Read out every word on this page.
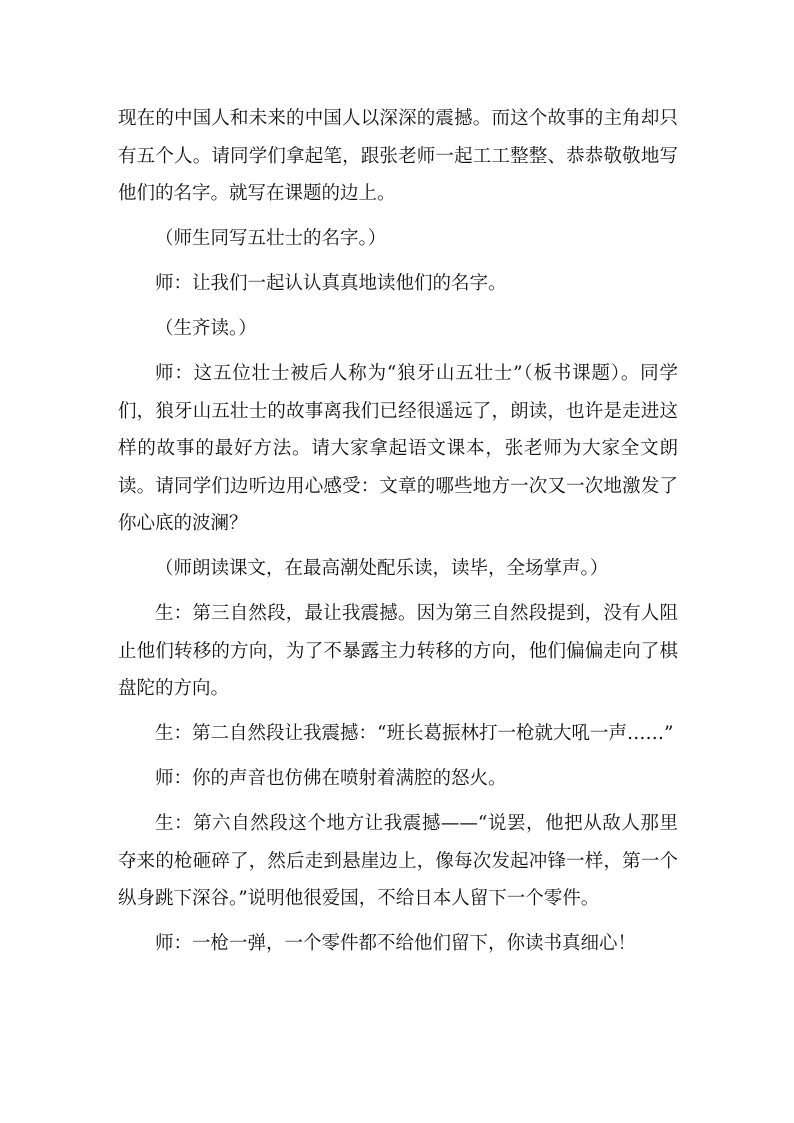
现在的中国人和未来的中国人以深深的震撼。而这个故事的主角却只有五个人。请同学们拿起笔，跟张老师一起工工整整、恭恭敬敬地写他们的名字。就写在课题的边上。

（师生同写五壮士的名字。）

师：让我们一起认认真真地读他们的名字。

（生齐读。）

师：这五位壮士被后人称为“狼牙山五壮士”（板书课题）。同学们，狼牙山五壮士的故事离我们已经很遥远了，朗读，也许是走进这样的故事的最好方法。请大家拿起语文课本，张老师为大家全文朗读。请同学们边听边用心感受：文章的哪些地方一次又一次地激发了你心底的波澜？

（师朗读课文，在最高潮处配乐读，读毕，全场掌声。）

生：第三自然段，最让我震撼。因为第三自然段提到，没有人阻止他们转移的方向，为了不暴露主力转移的方向，他们偏偏走向了棋盘陀的方向。

生：第二自然段让我震撼：“班长葛振林打一枪就大吼一声……”

师：你的声音也仿佛在喷射着满腔的怒火。

生：第六自然段这个地方让我震撼——“说罢，他把从敌人那里夺来的枪砸碎了，然后走到悬崖边上，像每次发起冲锋一样，第一个纵身跳下深谷。”说明他很爱国，不给日本人留下一个零件。

师：一枪一弹，一个零件都不给他们留下，你读书真细心！
